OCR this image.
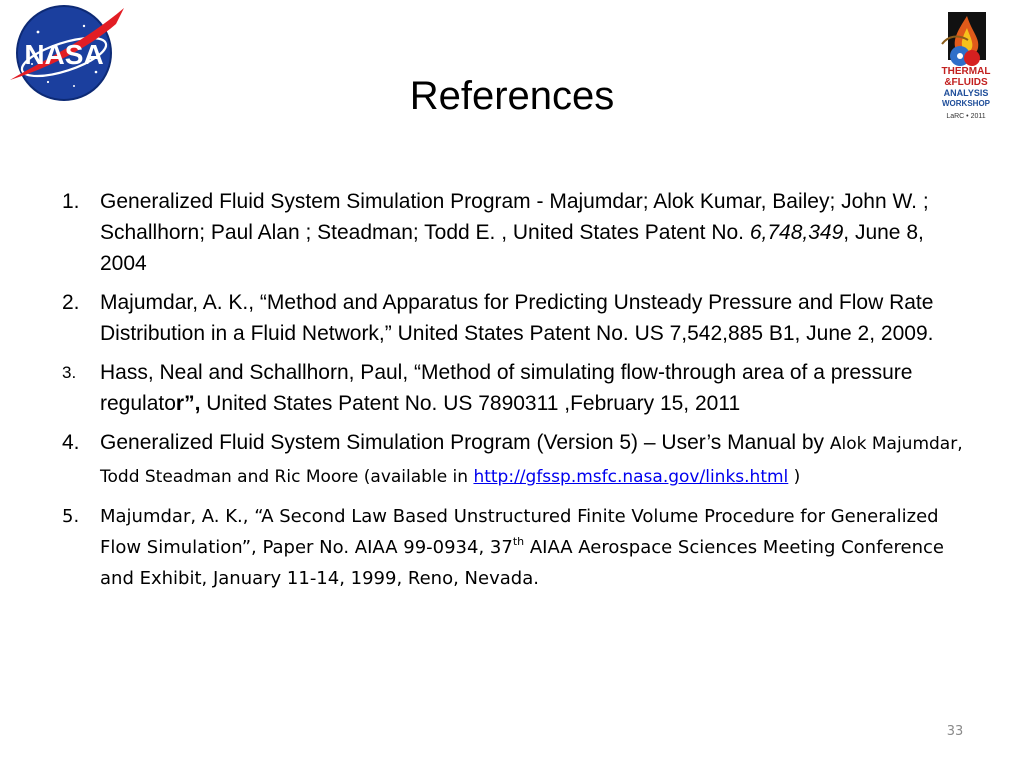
NASA
THERMAL
&FLUIDS
ANALYSIS
WORKSHOP
LaRC • 2011
References
1. Generalized Fluid System Simulation Program - Majumdar; Alok Kumar, Bailey; John W. ; Schallhorn; Paul Alan ; Steadman; Todd E. , United States Patent No. 6,748,349, June 8, 2004
2. Majumdar, A. K., “Method and Apparatus for Predicting Unsteady Pressure and Flow Rate Distribution in a Fluid Network,” United States Patent No. US 7,542,885 B1, June 2, 2009.
3. Hass, Neal and Schallhorn, Paul, “Method of simulating flow-through area of a pressure regulator”, United States Patent No. US 7890311 ,February 15, 2011
4. Generalized Fluid System Simulation Program (Version 5) – User’s Manual by Alok Majumdar, Todd Steadman and Ric Moore (available in http://gfssp.msfc.nasa.gov/links.html )
5. Majumdar, A. K., “A Second Law Based Unstructured Finite Volume Procedure for Generalized Flow Simulation”, Paper No. AIAA 99-0934, 37th AIAA Aerospace Sciences Meeting Conference and Exhibit, January 11-14, 1999, Reno, Nevada.
33
